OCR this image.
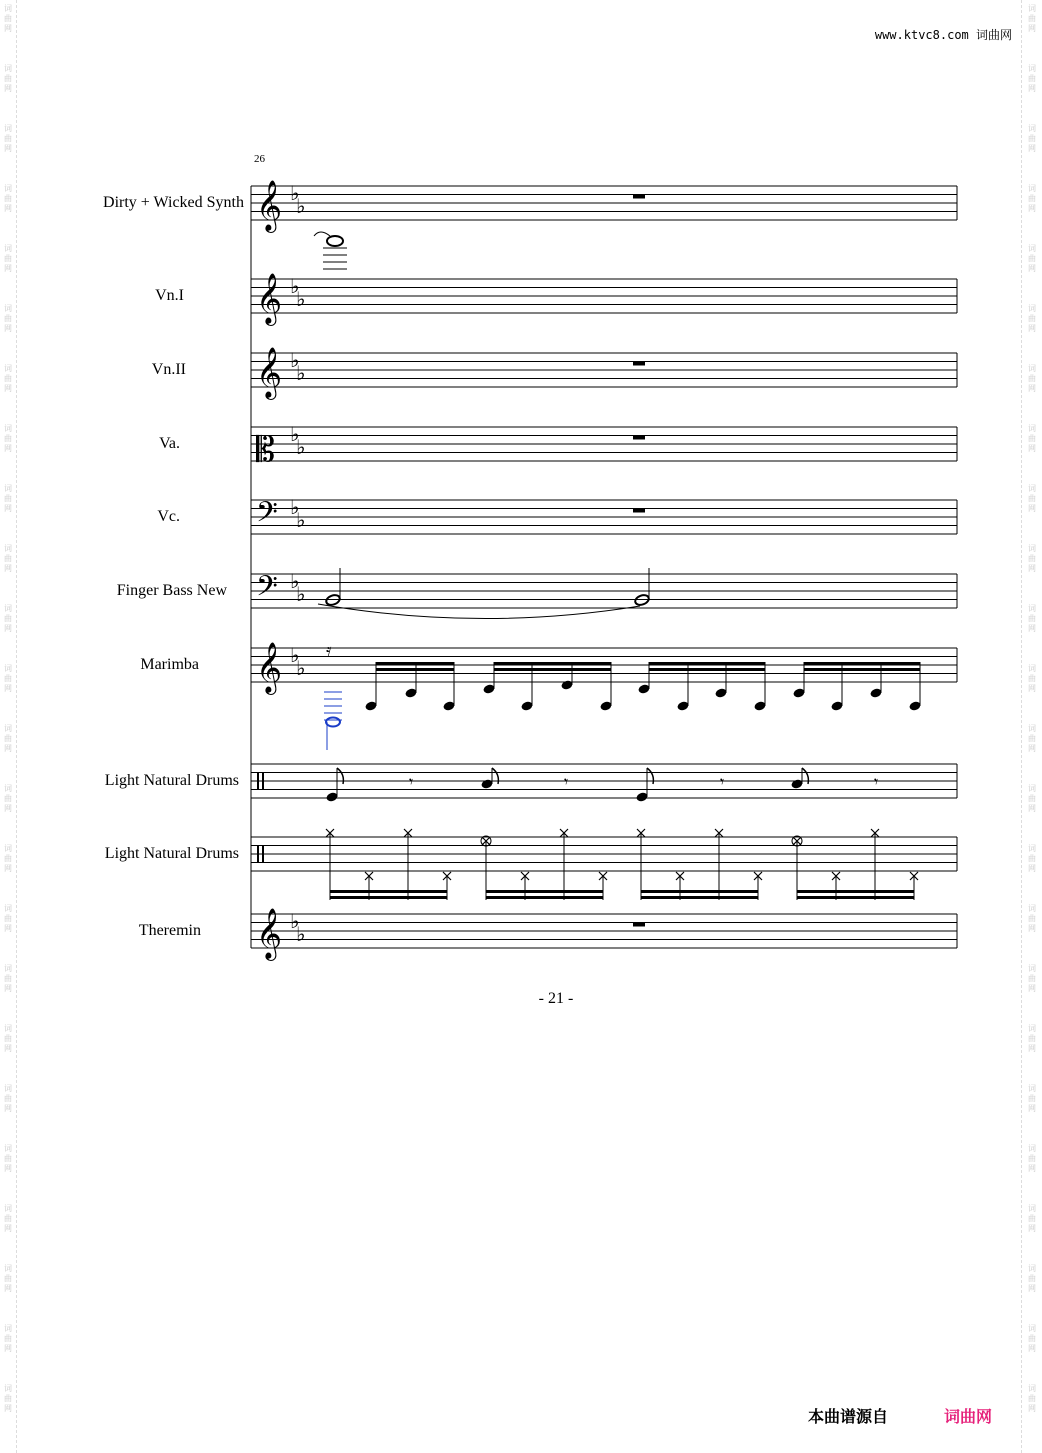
词
曲
网
词
曲
网
词
曲
网
词
曲
网
词
曲
网
词
曲
网
词
曲
网
词
曲
网
词
曲
网
词
曲
网
词
曲
网
词
曲
网
词
曲
网
词
曲
网
词
曲
网
词
曲
网
词
曲
网
词
曲
网
词
曲
网
词
曲
网
词
曲
网
词
曲
网
词
曲
网
词
曲
网
词
曲
网
词
曲
网
词
曲
网
词
曲
网
词
曲
网
词
曲
网
词
曲
网
词
曲
网
词
曲
网
词
曲
网
词
曲
网
词
曲
网
词
曲
网
词
曲
网
词
曲
网
词
曲
网
词
曲
网
词
曲
网
词
曲
网
词
曲
网
词
曲
网
词
曲
网
词
曲
网
词
曲
网
www.ktvc8.com 词曲网
26
Dirty + Wicked Synth
Vn.I
Vn.II
Va.
Vc.
Finger Bass New
Marimba
Light Natural Drums
Light Natural Drums
Theremin
𝄞 ♭
♭
𝄞 ♭
♭
𝄞 ♭
♭
𝄡 ♭
♭
𝄢 ♭
♭
𝄢 ♭
♭
𝄞 ♭
♭
𝄞 ♭
♭
𝄿
𝄾	𝄾	𝄾	𝄾
- 21 -
本曲谱源自	词曲网
